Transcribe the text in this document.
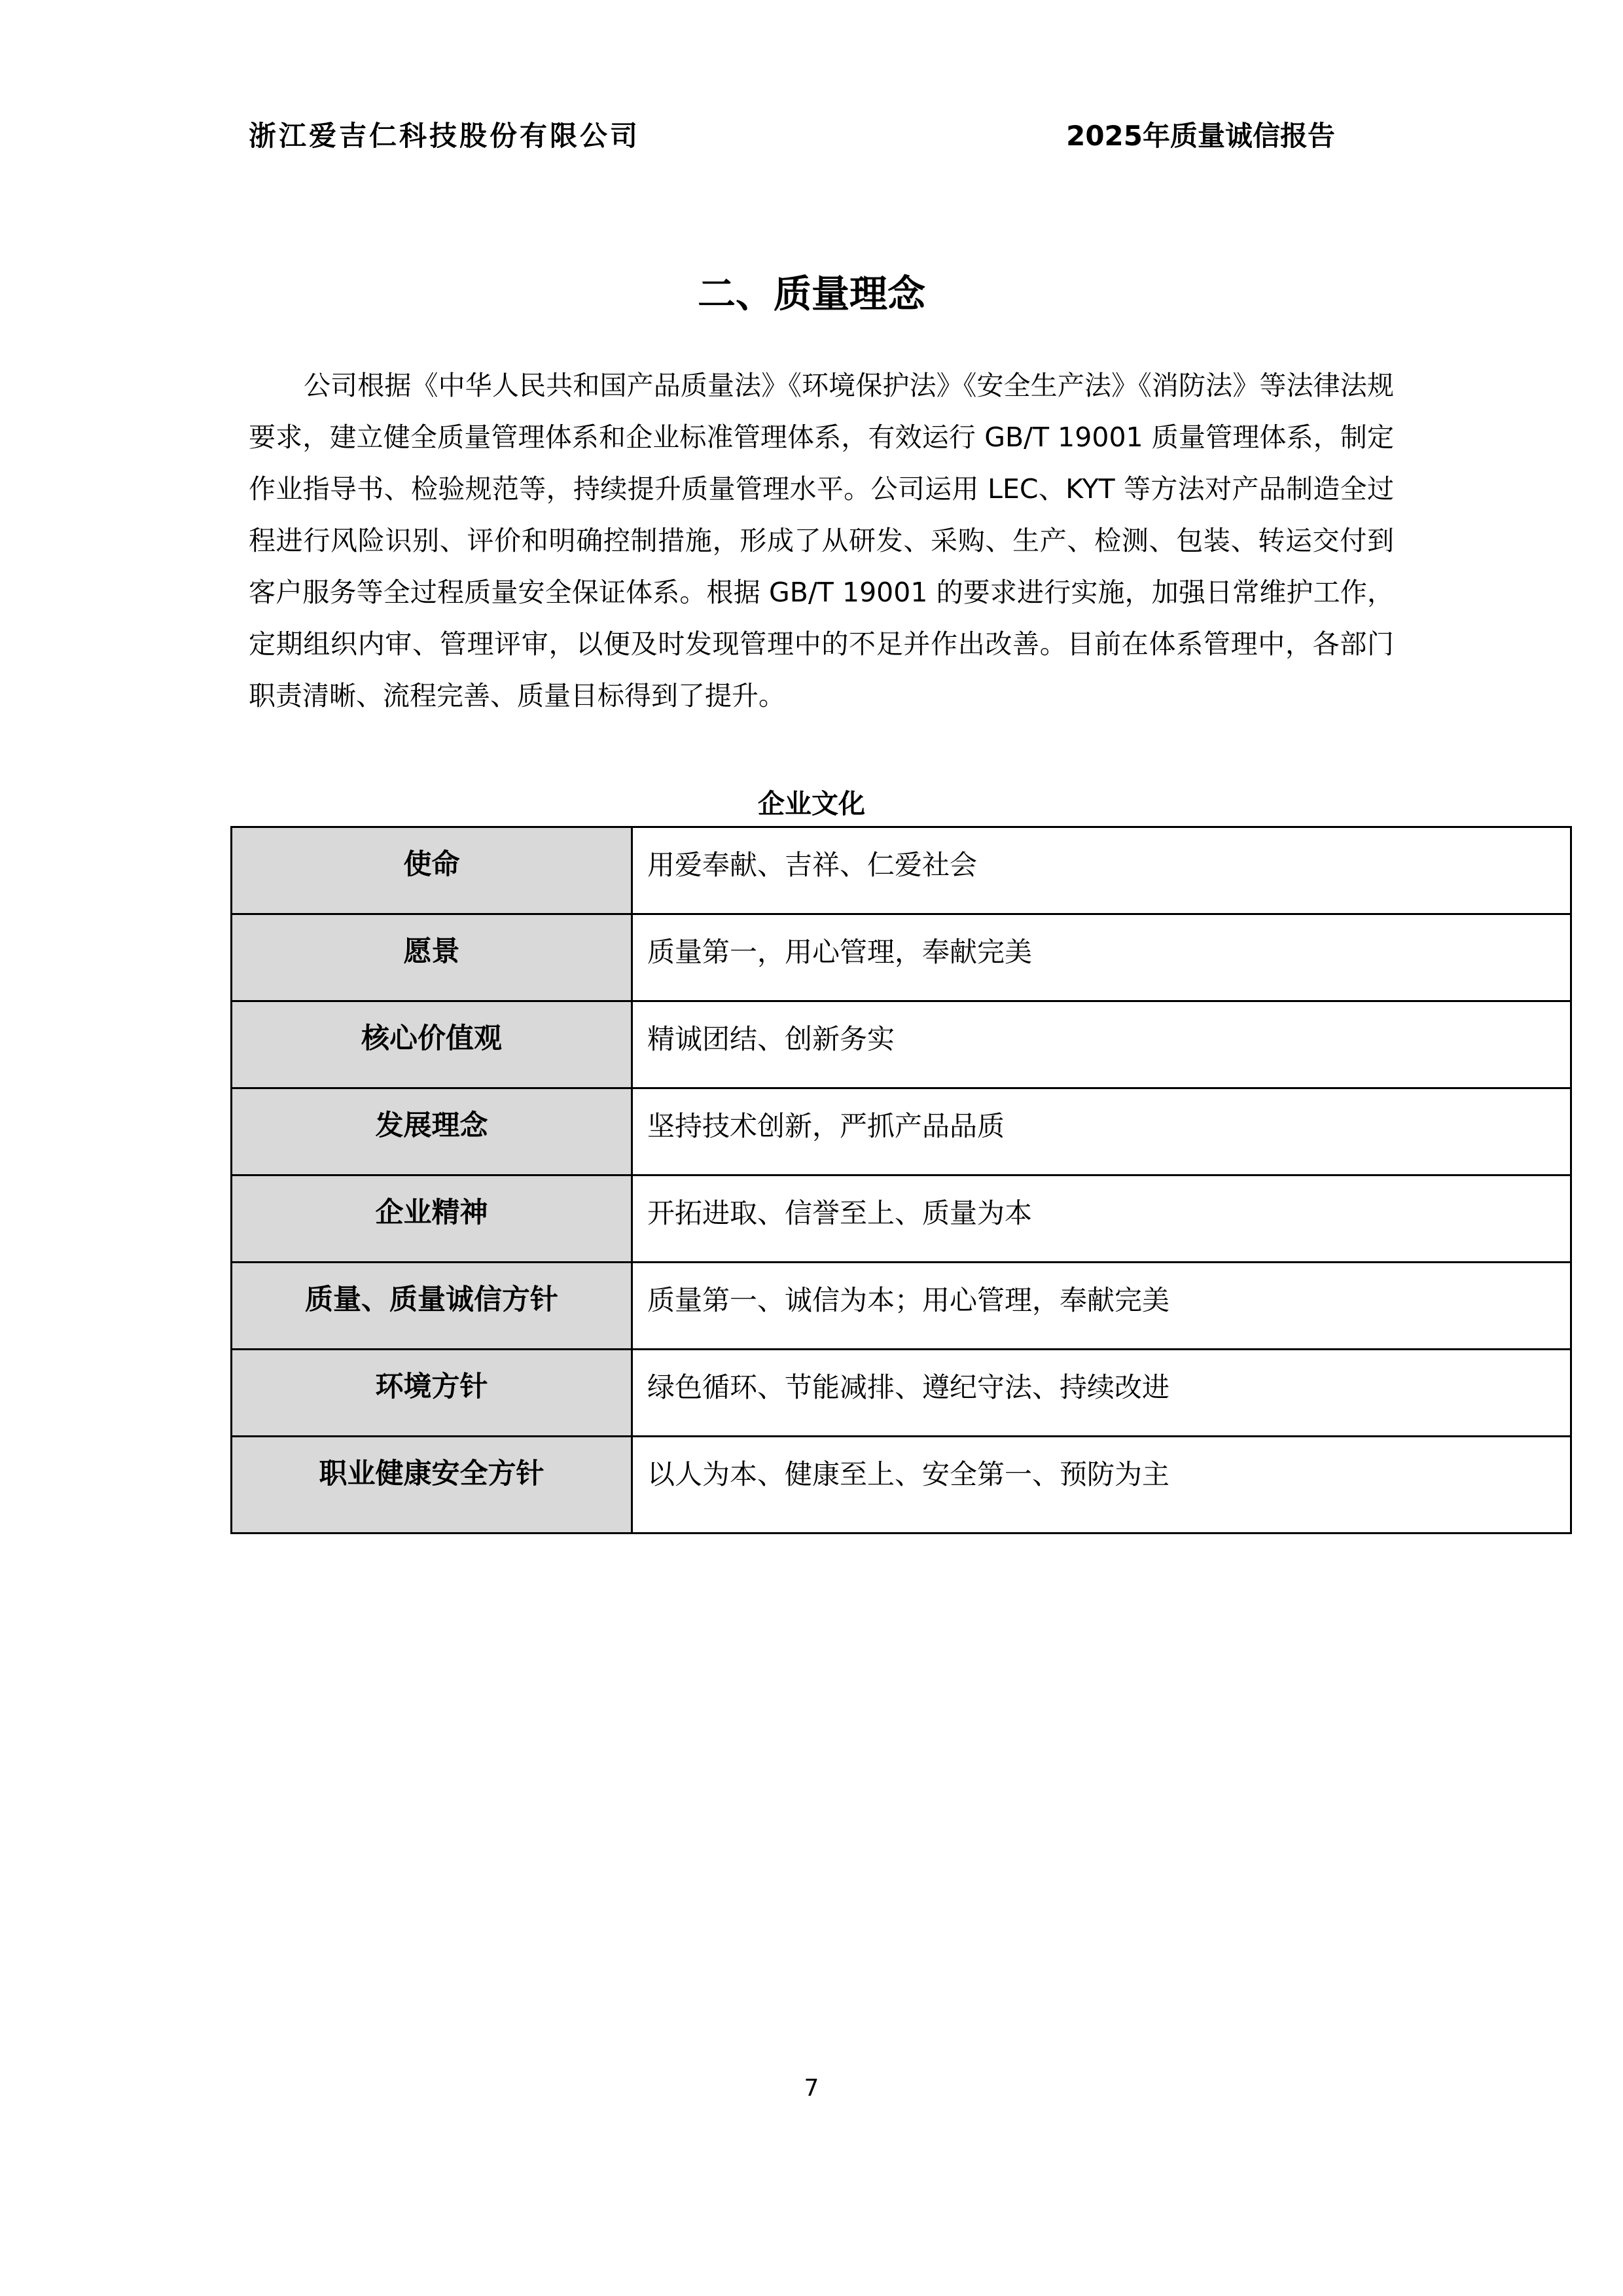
浙江爱吉仁科技股份有限公司	2025年质量诚信报告
二、质量理念

公司根据《中华人民共和国产品质量法》《环境保护法》《安全生产法》《消防法》等法律法规要求，建立健全质量管理体系和企业标准管理体系，有效运行 GB/T 19001 质量管理体系，制定作业指导书、检验规范等，持续提升质量管理水平。公司运用 LEC、KYT 等方法对产品制造全过程进行风险识别、评价和明确控制措施，形成了从研发、采购、生产、检测、包装、转运交付到客户服务等全过程质量安全保证体系。根据 GB/T 19001 的要求进行实施，加强日常维护工作，定期组织内审、管理评审，以便及时发现管理中的不足并作出改善。目前在体系管理中，各部门职责清晰、流程完善、质量目标得到了提升。

企业文化
使命	用爱奉献、吉祥、仁爱社会
愿景	质量第一，用心管理，奉献完美
核心价值观	精诚团结、创新务实
发展理念	坚持技术创新，严抓产品品质
企业精神	开拓进取、信誉至上、质量为本
质量、质量诚信方针	质量第一、诚信为本；用心管理，奉献完美
环境方针	绿色循环、节能减排、遵纪守法、持续改进
职业健康安全方针	以人为本、健康至上、安全第一、预防为主
7
